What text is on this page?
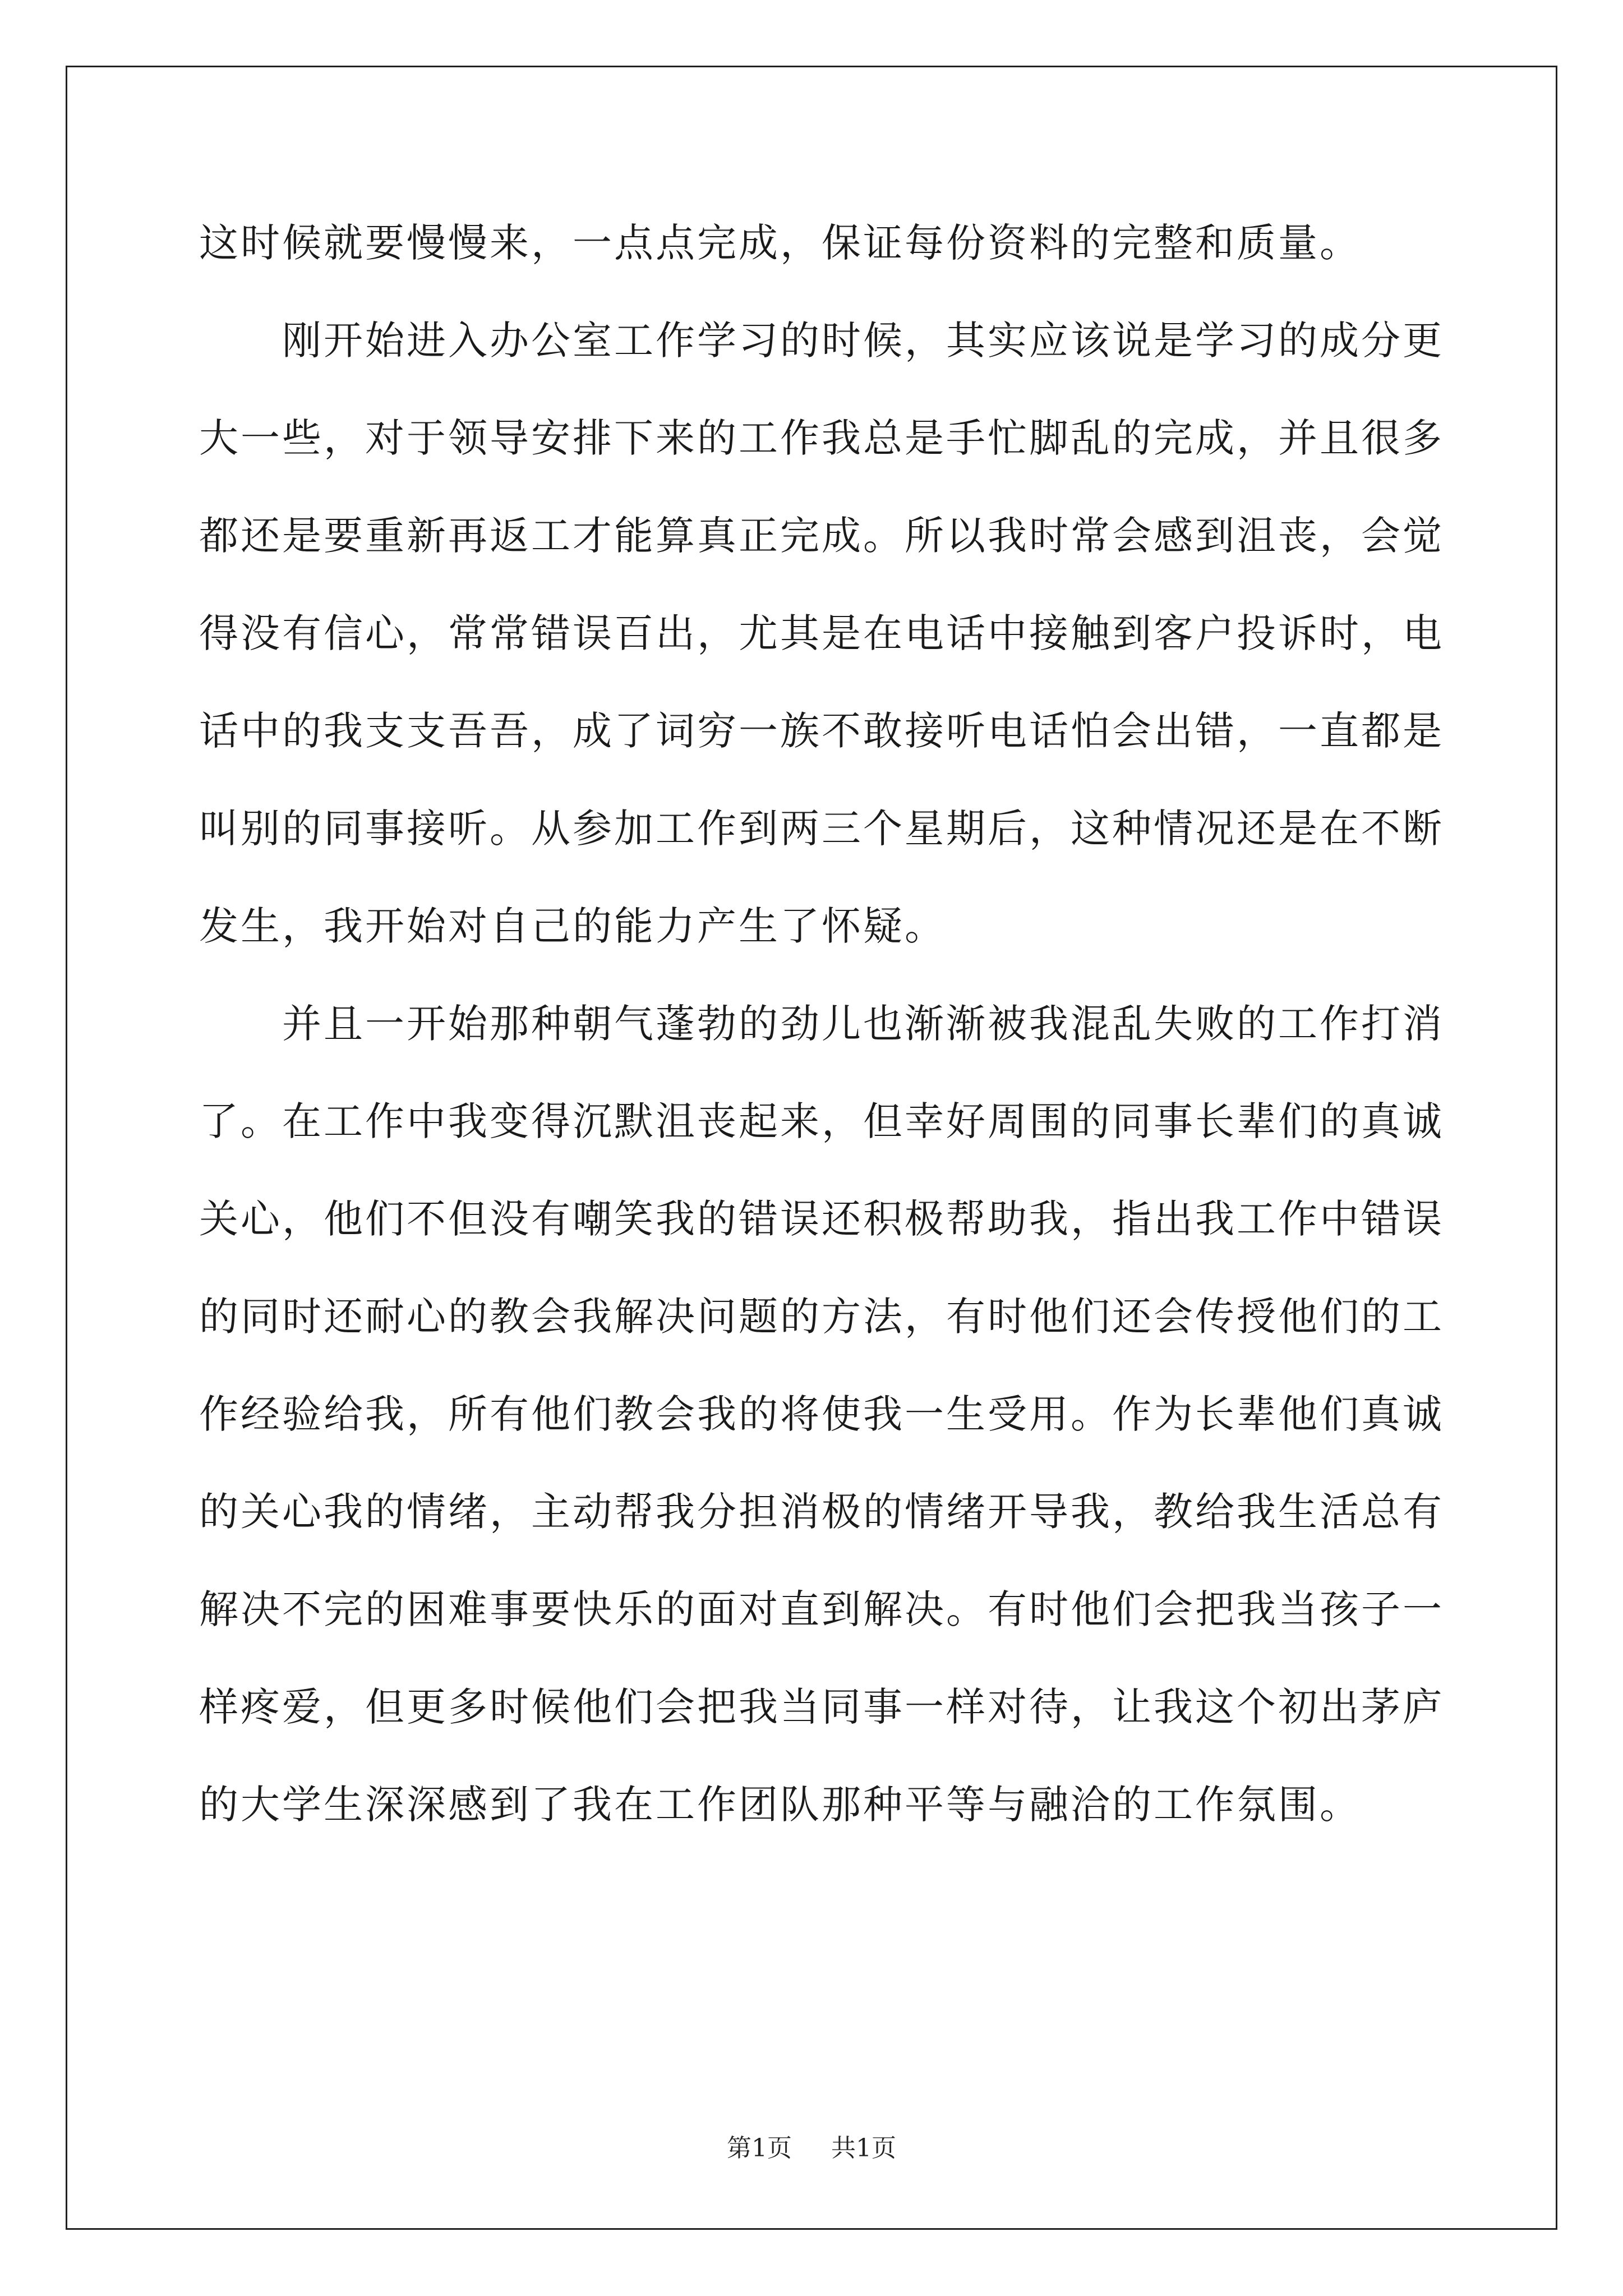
这时候就要慢慢来，一点点完成，保证每份资料的完整和质量。
　　刚开始进入办公室工作学习的时候，其实应该说是学习的成分更
大一些，对于领导安排下来的工作我总是手忙脚乱的完成，并且很多
都还是要重新再返工才能算真正完成。所以我时常会感到沮丧，会觉
得没有信心，常常错误百出，尤其是在电话中接触到客户投诉时，电
话中的我支支吾吾，成了词穷一族不敢接听电话怕会出错，一直都是
叫别的同事接听。从参加工作到两三个星期后，这种情况还是在不断
发生，我开始对自己的能力产生了怀疑。
　　并且一开始那种朝气蓬勃的劲儿也渐渐被我混乱失败的工作打消
了。在工作中我变得沉默沮丧起来，但幸好周围的同事长辈们的真诚
关心，他们不但没有嘲笑我的错误还积极帮助我，指出我工作中错误
的同时还耐心的教会我解决问题的方法，有时他们还会传授他们的工
作经验给我，所有他们教会我的将使我一生受用。作为长辈他们真诚
的关心我的情绪，主动帮我分担消极的情绪开导我，教给我生活总有
解决不完的困难事要快乐的面对直到解决。有时他们会把我当孩子一
样疼爱，但更多时候他们会把我当同事一样对待，让我这个初出茅庐
的大学生深深感到了我在工作团队那种平等与融洽的工作氛围。
第1页 共1页
